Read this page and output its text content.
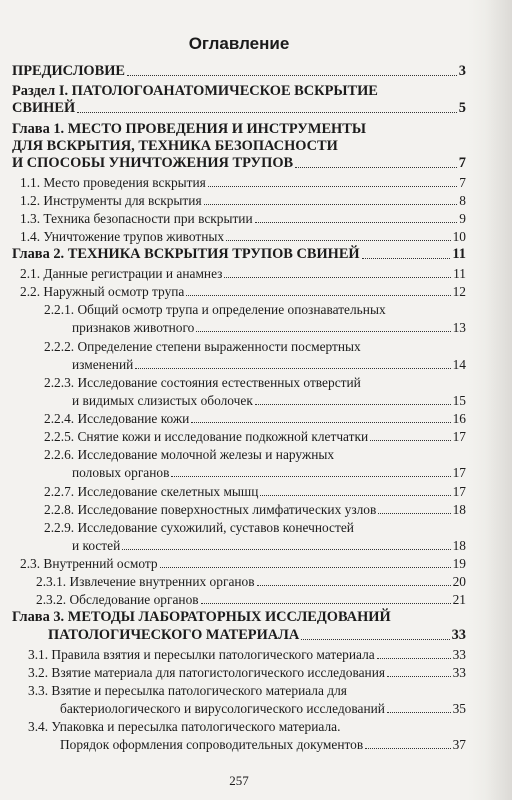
Оглавление
ПРЕДИСЛОВИЕ	3
Раздел I. ПАТОЛОГОАНАТОМИЧЕСКОЕ ВСКРЫТИЕ
СВИНЕЙ	5
Глава 1. МЕСТО ПРОВЕДЕНИЯ И ИНСТРУМЕНТЫ
ДЛЯ ВСКРЫТИЯ, ТЕХНИКА БЕЗОПАСНОСТИ
И СПОСОБЫ УНИЧТОЖЕНИЯ ТРУПОВ	7
1.1. Место проведения вскрытия	7
1.2. Инструменты для вскрытия	8
1.3. Техника безопасности при вскрытии	9
1.4. Уничтожение трупов животных	10
Глава 2. ТЕХНИКА ВСКРЫТИЯ ТРУПОВ СВИНЕЙ	11
2.1. Данные регистрации и анамнез	11
2.2. Наружный осмотр трупа	12
2.2.1. Общий осмотр трупа и определение опознавательных
признаков животного	13
2.2.2. Определение степени выраженности посмертных
изменений	14
2.2.3. Исследование состояния естественных отверстий
и видимых слизистых оболочек	15
2.2.4. Исследование кожи	16
2.2.5. Снятие кожи и исследование подкожной клетчатки	17
2.2.6. Исследование молочной железы и наружных
половых органов	17
2.2.7. Исследование скелетных мышц	17
2.2.8. Исследование поверхностных лимфатических узлов	18
2.2.9. Исследование сухожилий, суставов конечностей
и костей	18
2.3. Внутренний осмотр	19
2.3.1. Извлечение внутренних органов	20
2.3.2. Обследование органов	21
Глава 3. МЕТОДЫ ЛАБОРАТОРНЫХ ИССЛЕДОВАНИЙ
ПАТОЛОГИЧЕСКОГО МАТЕРИАЛА	33
3.1. Правила взятия и пересылки патологического материала	33
3.2. Взятие материала для патогистологического исследования	33
3.3. Взятие и пересылка патологического материала для
бактериологического и вирусологического исследований	35
3.4. Упаковка и пересылка патологического материала.
Порядок оформления сопроводительных документов	37
257
